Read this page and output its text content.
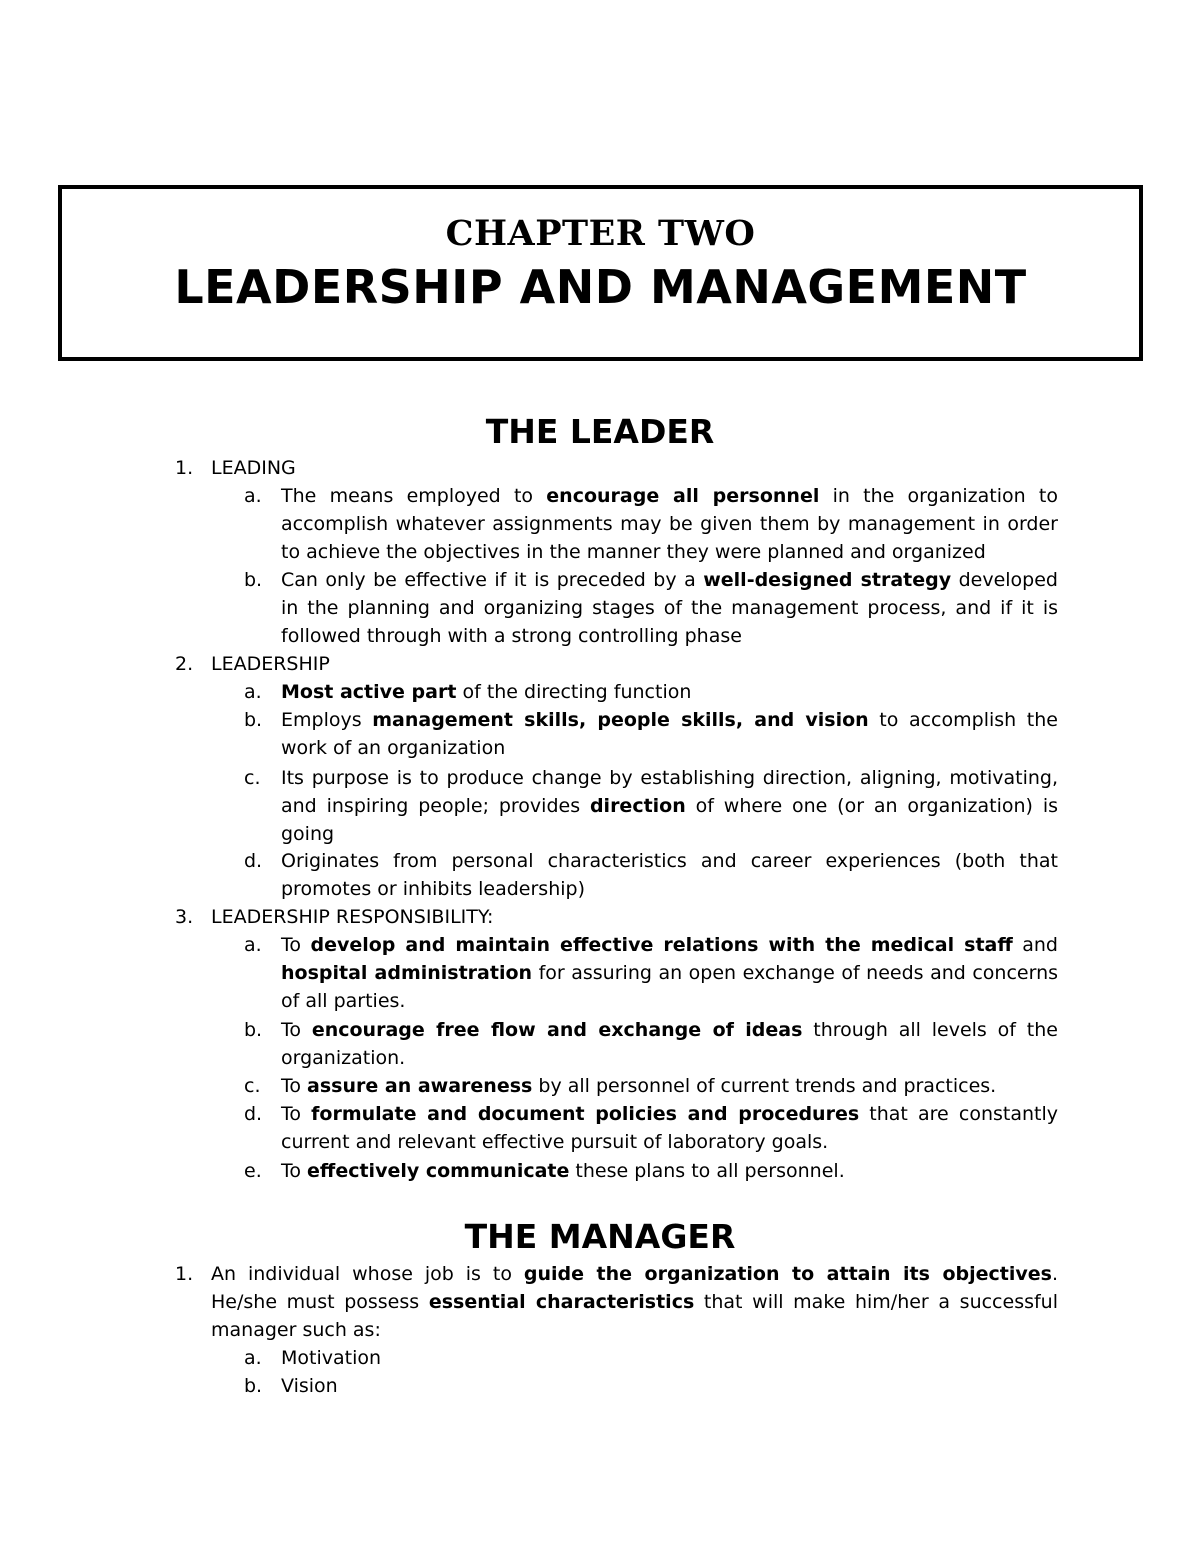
CHAPTER TWO
LEADERSHIP AND MANAGEMENT
THE LEADER
1. LEADING
a. The means employed to encourage all personnel in the organization to accomplish whatever assignments may be given them by management in order to achieve the objectives in the manner they were planned and organized
b. Can only be effective if it is preceded by a well-designed strategy developed in the planning and organizing stages of the management process, and if it is followed through with a strong controlling phase
2. LEADERSHIP
a. Most active part of the directing function
b. Employs management skills, people skills, and vision to accomplish the work of an organization
c. Its purpose is to produce change by establishing direction, aligning, motivating, and inspiring people; provides direction of where one (or an organization) is going
d. Originates from personal characteristics and career experiences (both that promotes or inhibits leadership)
3. LEADERSHIP RESPONSIBILITY:
a. To develop and maintain effective relations with the medical staff and hospital administration for assuring an open exchange of needs and concerns of all parties.
b. To encourage free flow and exchange of ideas through all levels of the organization.
c. To assure an awareness by all personnel of current trends and practices.
d. To formulate and document policies and procedures that are constantly current and relevant effective pursuit of laboratory goals.
e. To effectively communicate these plans to all personnel.
THE MANAGER
1. An individual whose job is to guide the organization to attain its objectives. He/she must possess essential characteristics that will make him/her a successful manager such as:
a. Motivation
b. Vision
